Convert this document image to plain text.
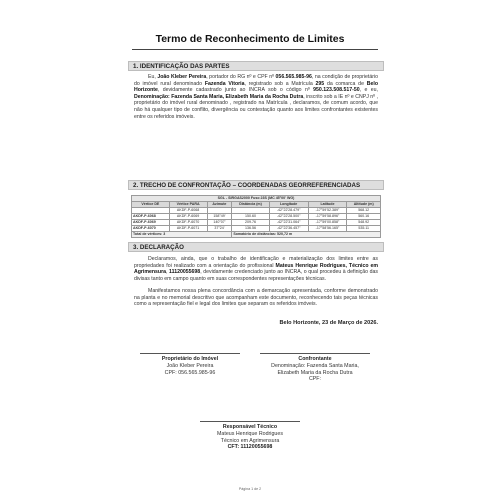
Termo de Reconhecimento de Limites
1. IDENTIFICAÇÃO DAS PARTES
Eu, João Kleber Pereira, portador do RG nº e CPF nº 056.565.985-96, na condição de proprietário do imóvel rural denominado Fazenda Vitoria, registrado sob a Matrícula 295 da comarca de Belo Horizonte, devidamente cadastrado junto ao INCRA sob o código nº 950.123.508.517-50, e eu, Denominação: Fazenda Santa Maria, Elizabeth Maria da Rocha Dutra, inscrito sob a IE nº e CNPJ nº , proprietário do imóvel rural denominado , registrado na Matrícula , declaramos, de comum acordo, que não há qualquer tipo de conflito, divergência ou contestação quanto aos limites confrontantes existentes entre os referidos imóveis.
2. TRECHO DE CONFRONTAÇÃO – COORDENADAS GEORREFERENCIADAS
SGL - SIRGAS2000 Fuso 23S (MC 45°00' WG)						
Vértice DE	Vértice PARA	Azimute	Distância (m)	Longitude	Latitude	Altitude (m)
	AKDF-P-6068			-42°22'28.479"	-17°59'52.389"	568.12
AKDF-P-6068	AKDF-P-6069	158°49'	150.60	-42°22'28.500"	-17°59'58.896"	560.16
AKDF-P-6069	AKDF-P-6070	140°07'	209.76	-42°22'31.064"	-17°59'00.858"	548.92
AKDF-P-6070	AKDF-P-6071	37°24'	136.56	-42°22'36.457"	-17°58'56.165"	535.11
Total de vértices: 3			Somatório de distâncias: 520,72 m			
3. DECLARAÇÃO
Declaramos, ainda, que o trabalho de identificação e materialização dos limites entre as propriedades foi realizado com a orientação do profissional Mateus Henrique Rodrigues, Técnico em Agrimensura, 11120055698, devidamente credenciado junto ao INCRA, o qual procedeu à definição das divisas tanto em campo quanto em suas correspondentes representações técnicas.
Manifestamos nossa plena concordância com a demarcação apresentada, conforme demonstrado na planta e no memorial descritivo que acompanham este documento, reconhecendo tais peças técnicas como a representação fiel e legal dos limites que separam os referidos imóveis.
Belo Horizonte, 23 de Março de 2026.
Proprietário do Imóvel
João Kleber Pereira
CPF: 056.565.985-96
Confrontante
Denominação: Fazenda Santa Maria,
Elizabeth Maria da Rocha Dutra
CPF:
Responsável Técnico
Mateus Henrique Rodrigues
Técnico em Agrimensura
CFT: 11120055698
Página 1 de 2
